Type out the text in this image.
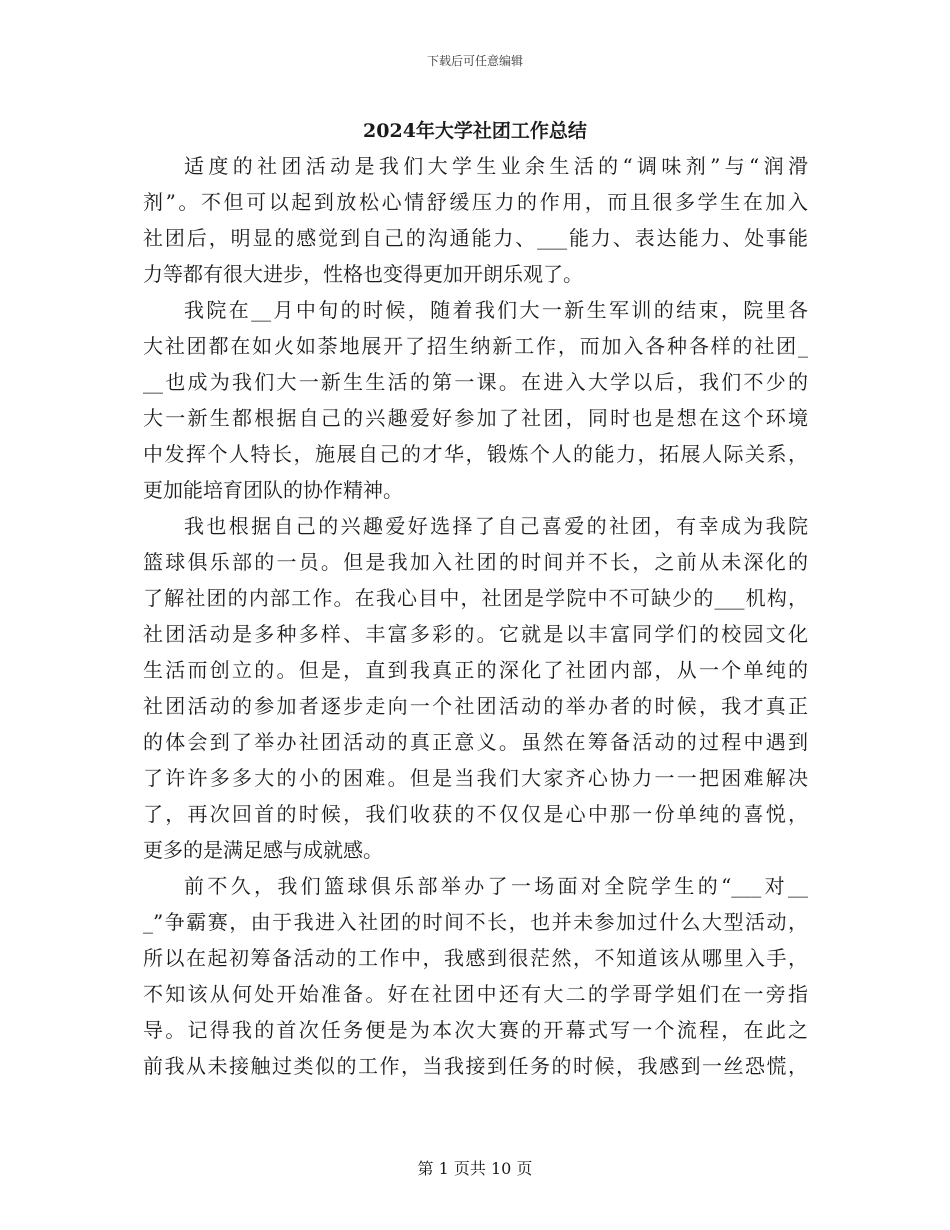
下载后可任意编辑
2024年大学社团工作总结
适度的社团活动是我们大学生业余生活的“调味剂”与“润滑
剂”。不但可以起到放松心情舒缓压力的作用，而且很多学生在加入
社团后，明显的感觉到自己的沟通能力、___能力、表达能力、处事能
力等都有很大进步，性格也变得更加开朗乐观了。
我院在__月中旬的时候，随着我们大一新生军训的结束，院里各
大社团都在如火如荼地展开了招生纳新工作，而加入各种各样的社团_
__也成为我们大一新生生活的第一课。在进入大学以后，我们不少的
大一新生都根据自己的兴趣爱好参加了社团，同时也是想在这个环境
中发挥个人特长，施展自己的才华，锻炼个人的能力，拓展人际关系，
更加能培育团队的协作精神。
我也根据自己的兴趣爱好选择了自己喜爱的社团，有幸成为我院
篮球俱乐部的一员。但是我加入社团的时间并不长，之前从未深化的
了解社团的内部工作。在我心目中，社团是学院中不可缺少的___机构，
社团活动是多种多样、丰富多彩的。它就是以丰富同学们的校园文化
生活而创立的。但是，直到我真正的深化了社团内部，从一个单纯的
社团活动的参加者逐步走向一个社团活动的举办者的时候，我才真正
的体会到了举办社团活动的真正意义。虽然在筹备活动的过程中遇到
了许许多多大的小的困难。但是当我们大家齐心协力一一把困难解决
了，再次回首的时候，我们收获的不仅仅是心中那一份单纯的喜悦，
更多的是满足感与成就感。
前不久，我们篮球俱乐部举办了一场面对全院学生的“___对__
_”争霸赛，由于我进入社团的时间不长，也并未参加过什么大型活动，
所以在起初筹备活动的工作中，我感到很茫然，不知道该从哪里入手，
不知该从何处开始准备。好在社团中还有大二的学哥学姐们在一旁指
导。记得我的首次任务便是为本次大赛的开幕式写一个流程，在此之
前我从未接触过类似的工作，当我接到任务的时候，我感到一丝恐慌，
第 1 页共 10 页
